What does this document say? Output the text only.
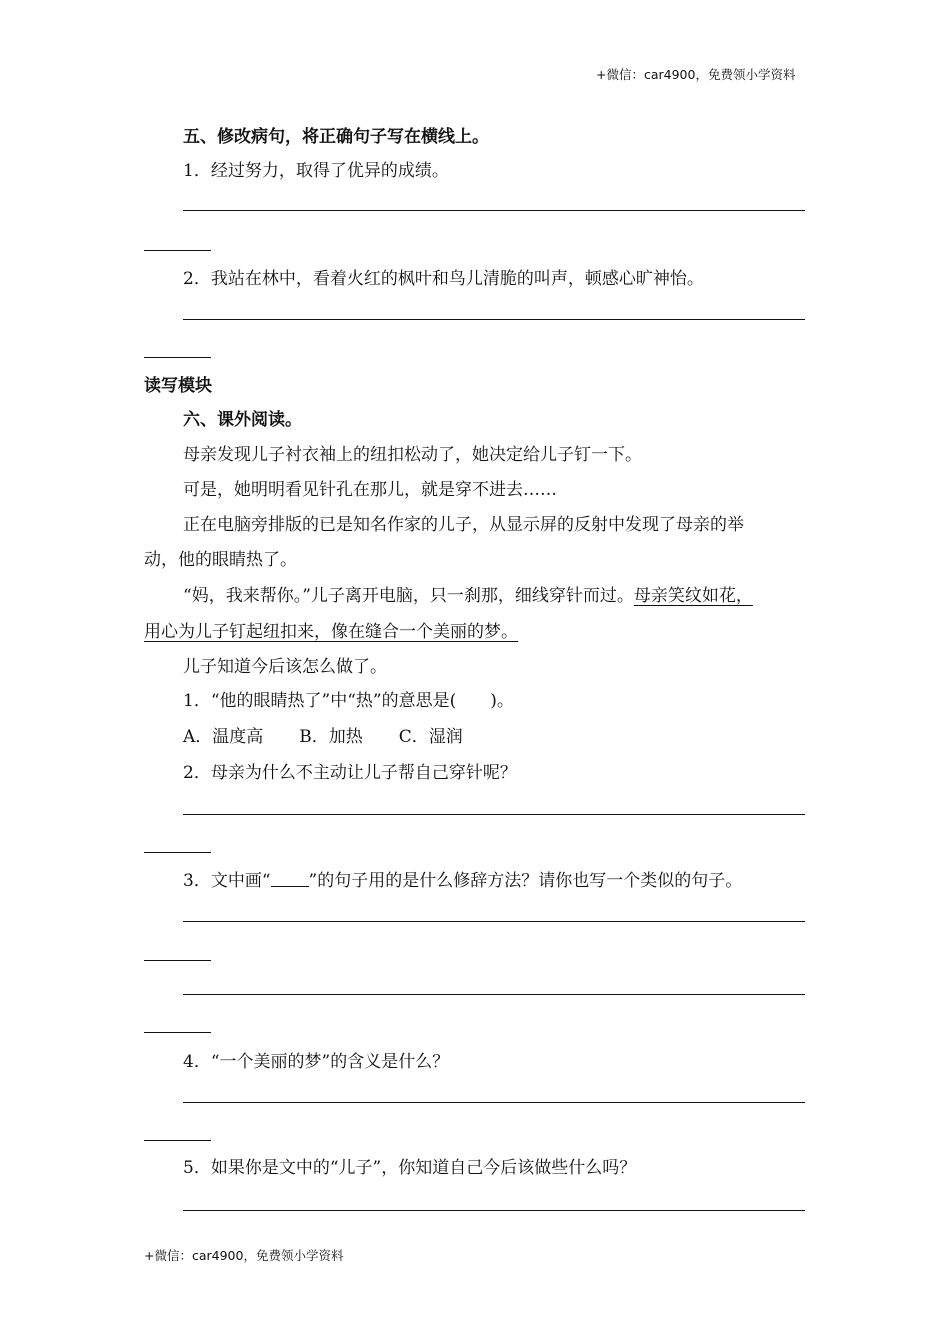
+微信：car4900，免费领小学资料
五、修改病句，将正确句子写在横线上。
1．经过努力，取得了优异的成绩。
2．我站在林中，看着火红的枫叶和鸟儿清脆的叫声，顿感心旷神怡。
读写模块
六、课外阅读。
母亲发现儿子衬衣袖上的纽扣松动了，她决定给儿子钉一下。
可是，她明明看见针孔在那儿，就是穿不进去……
正在电脑旁排版的已是知名作家的儿子，从显示屏的反射中发现了母亲的举
动，他的眼睛热了。
“妈，我来帮你。”儿子离开电脑，只一刹那，细线穿针而过。母亲笑纹如花，
用心为儿子钉起纽扣来，像在缝合一个美丽的梦。
儿子知道今后该怎么做了。
1．“他的眼睛热了”中“热”的意思是(　　)。
A．温度高 B．加热 C．湿润
2．母亲为什么不主动让儿子帮自己穿针呢？
3．文中画“ ”的句子用的是什么修辞方法？请你也写一个类似的句子。
4．“一个美丽的梦”的含义是什么？
5．如果你是文中的“儿子”，你知道自己今后该做些什么吗？
+微信：car4900，免费领小学资料
